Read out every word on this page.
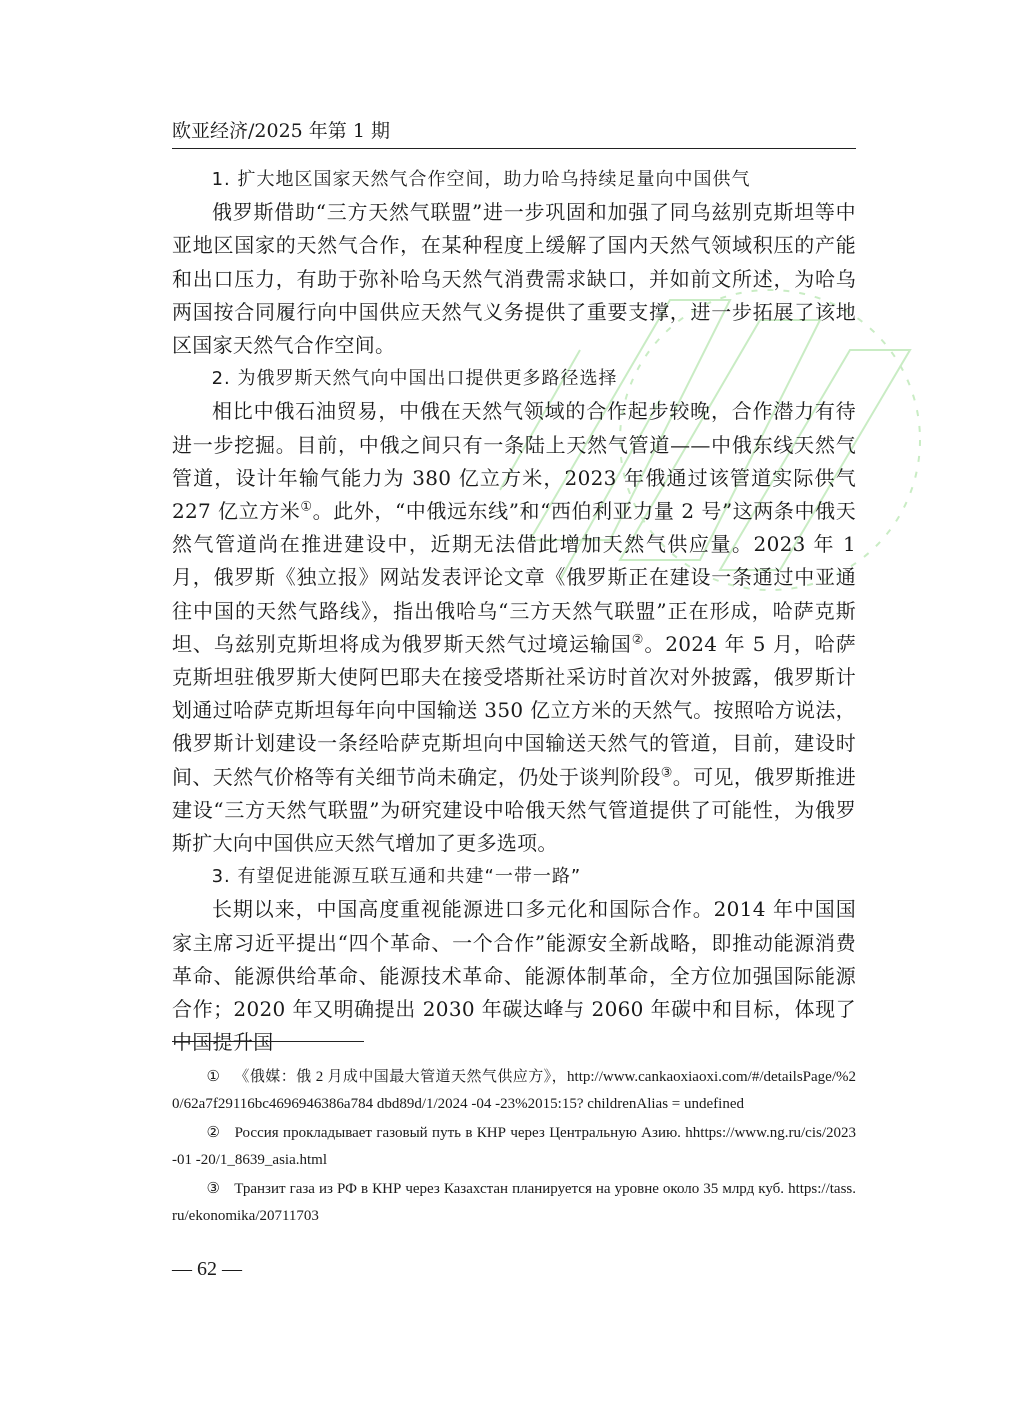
欧亚经济/2025 年第 1 期
1. 扩大地区国家天然气合作空间，助力哈乌持续足量向中国供气

俄罗斯借助“三方天然气联盟”进一步巩固和加强了同乌兹别克斯坦等中亚地区国家的天然气合作，在某种程度上缓解了国内天然气领域积压的产能和出口压力，有助于弥补哈乌天然气消费需求缺口，并如前文所述，为哈乌两国按合同履行向中国供应天然气义务提供了重要支撑，进一步拓展了该地区国家天然气合作空间。

2. 为俄罗斯天然气向中国出口提供更多路径选择

相比中俄石油贸易，中俄在天然气领域的合作起步较晚，合作潜力有待进一步挖掘。目前，中俄之间只有一条陆上天然气管道——中俄东线天然气管道，设计年输气能力为 380 亿立方米，2023 年俄通过该管道实际供气 227 亿立方米①。此外，“中俄远东线”和“西伯利亚力量 2 号”这两条中俄天然气管道尚在推进建设中，近期无法借此增加天然气供应量。2023 年 1 月，俄罗斯《独立报》网站发表评论文章《俄罗斯正在建设一条通过中亚通往中国的天然气路线》，指出俄哈乌“三方天然气联盟”正在形成，哈萨克斯坦、乌兹别克斯坦将成为俄罗斯天然气过境运输国②。2024 年 5 月，哈萨克斯坦驻俄罗斯大使阿巴耶夫在接受塔斯社采访时首次对外披露，俄罗斯计划通过哈萨克斯坦每年向中国输送 350 亿立方米的天然气。按照哈方说法，俄罗斯计划建设一条经哈萨克斯坦向中国输送天然气的管道，目前，建设时间、天然气价格等有关细节尚未确定，仍处于谈判阶段③。可见，俄罗斯推进建设“三方天然气联盟”为研究建设中哈俄天然气管道提供了可能性，为俄罗斯扩大向中国供应天然气增加了更多选项。

3. 有望促进能源互联互通和共建“一带一路”

长期以来，中国高度重视能源进口多元化和国际合作。2014 年中国国家主席习近平提出“四个革命、一个合作”能源安全新战略，即推动能源消费革命、能源供给革命、能源技术革命、能源体制革命，全方位加强国际能源合作；2020 年又明确提出 2030 年碳达峰与 2060 年碳中和目标，体现了中国提升国

① 《俄媒：俄 2 月成中国最大管道天然气供应方》，http://www.cankaoxiaoxi.com/#/detailsPage/%20/62a7f29116bc4696946386a784 dbd89d/1/2024 -04 -23%2015:15? childrenAlias = undefined

② Россия прокладывает газовый путь в КНР через Центральную Азию. hhttps://www.ng.ru/cis/2023 -01 -20/1_8639_asia.html

③ Транзит газа из РФ в КНР через Казахстан планируется на уровне около 35 млрд куб. https://tass.ru/ekonomika/20711703

— 62 —
